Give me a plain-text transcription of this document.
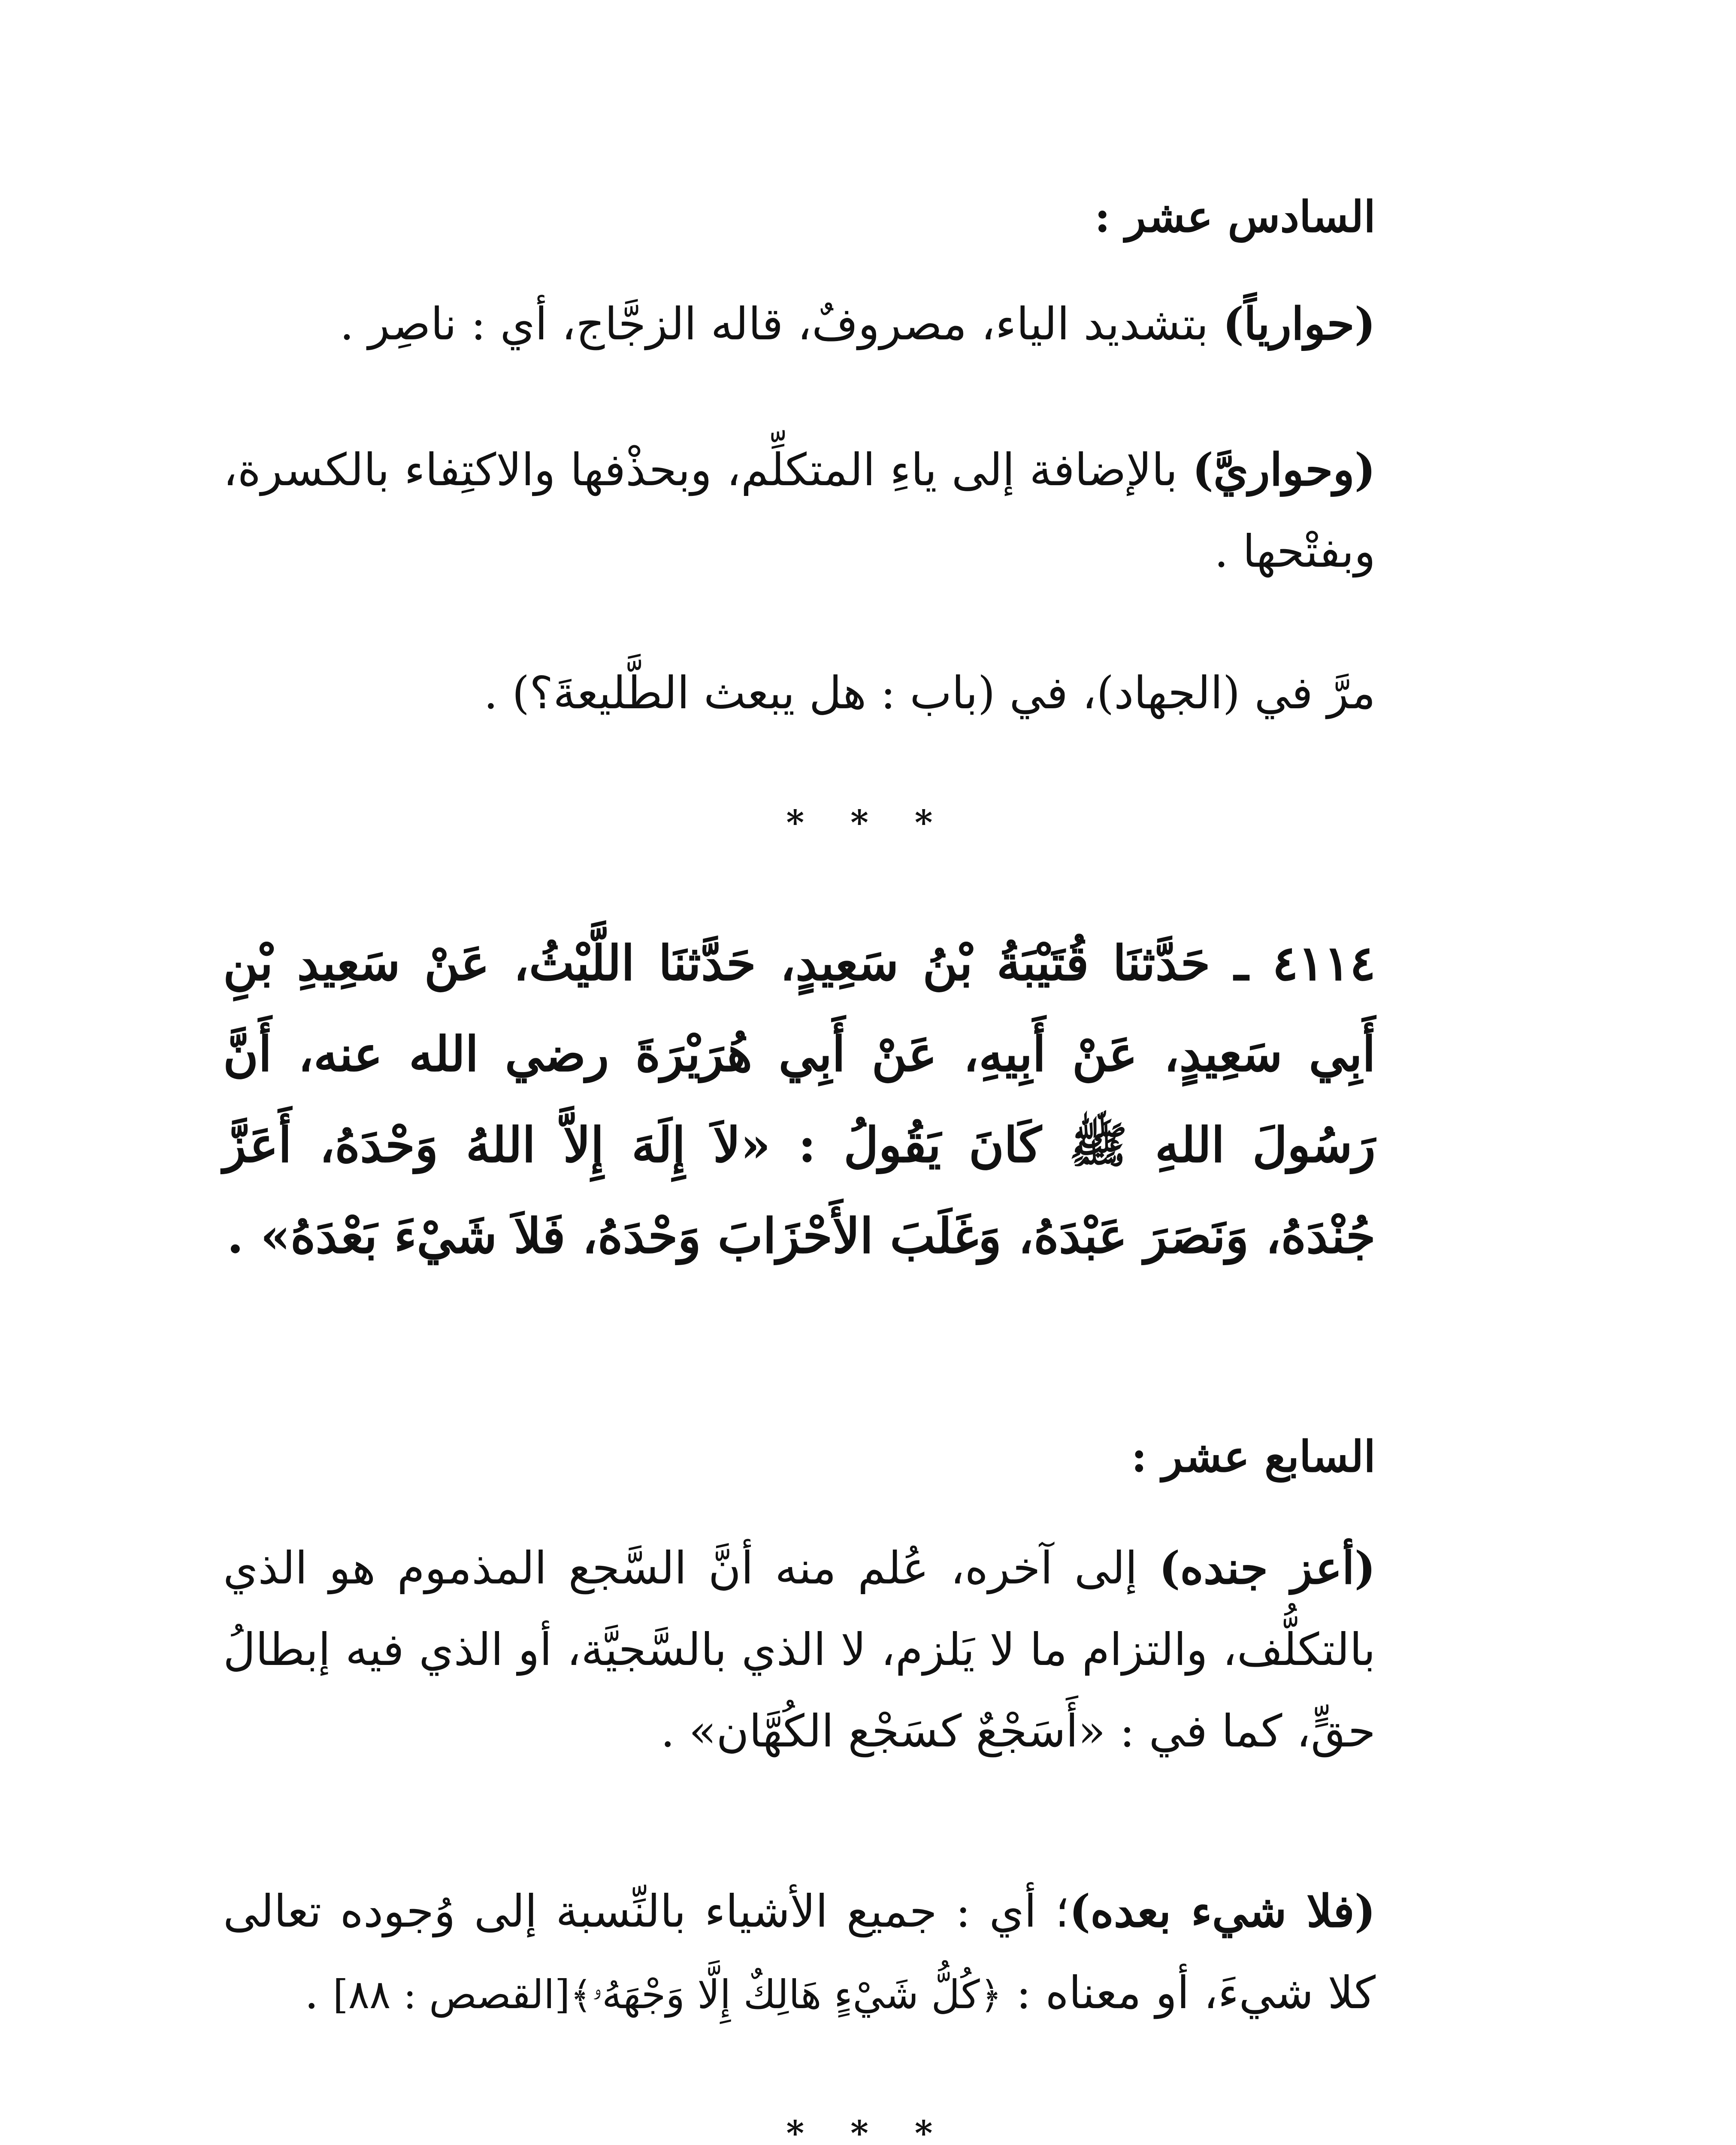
السادس عشر :
(حوارياً) بتشديد الياء، مصروفٌ، قاله الزجَّاج، أي : ناصِر .
(وحواريَّ) بالإضافة إلى ياءِ المتكلِّم، وبحذْفها والاكتِفاء بالكسرة، وبفتْحها .
مرَّ في (الجهاد)، في (باب : هل يبعث الطَّليعةَ؟) .
* * *
٤١١٤ ـ حَدَّثنَا قُتَيْبَةُ بْنُ سَعِيدٍ، حَدَّثنَا اللَّيْثُ، عَنْ سَعِيدِ بْنِ أَبِي سَعِيدٍ، عَنْ أَبِيهِ، عَنْ أَبِي هُرَيْرَةَ رضي الله عنه، أَنَّ رَسُولَ اللهِ ﷺ كَانَ يَقُولُ : «لاَ إِلَهَ إِلاَّ اللهُ وَحْدَهُ، أَعَزَّ جُنْدَهُ، وَنَصَرَ عَبْدَهُ، وَغَلَبَ الأَحْزَابَ وَحْدَهُ، فَلاَ شَيْءَ بَعْدَهُ» .
السابع عشر :
(أعز جنده) إلى آخره، عُلم منه أنَّ السَّجع المذموم هو الذي بالتكلُّف، والتزام ما لا يَلزم، لا الذي بالسَّجيَّة، أو الذي فيه إبطالُ حقٍّ، كما في : «أَسَجْعٌ كسَجْع الكُهَّان» .
(فلا شيء بعده)؛ أي : جميع الأشياء بالنِّسبة إلى وُجوده تعالى كلا شيءَ، أو معناه : ﴿كُلُّ شَيْءٍ هَالِكٌ إِلَّا وَجْهَهُۥ﴾[القصص : ٨٨] .
* * *
